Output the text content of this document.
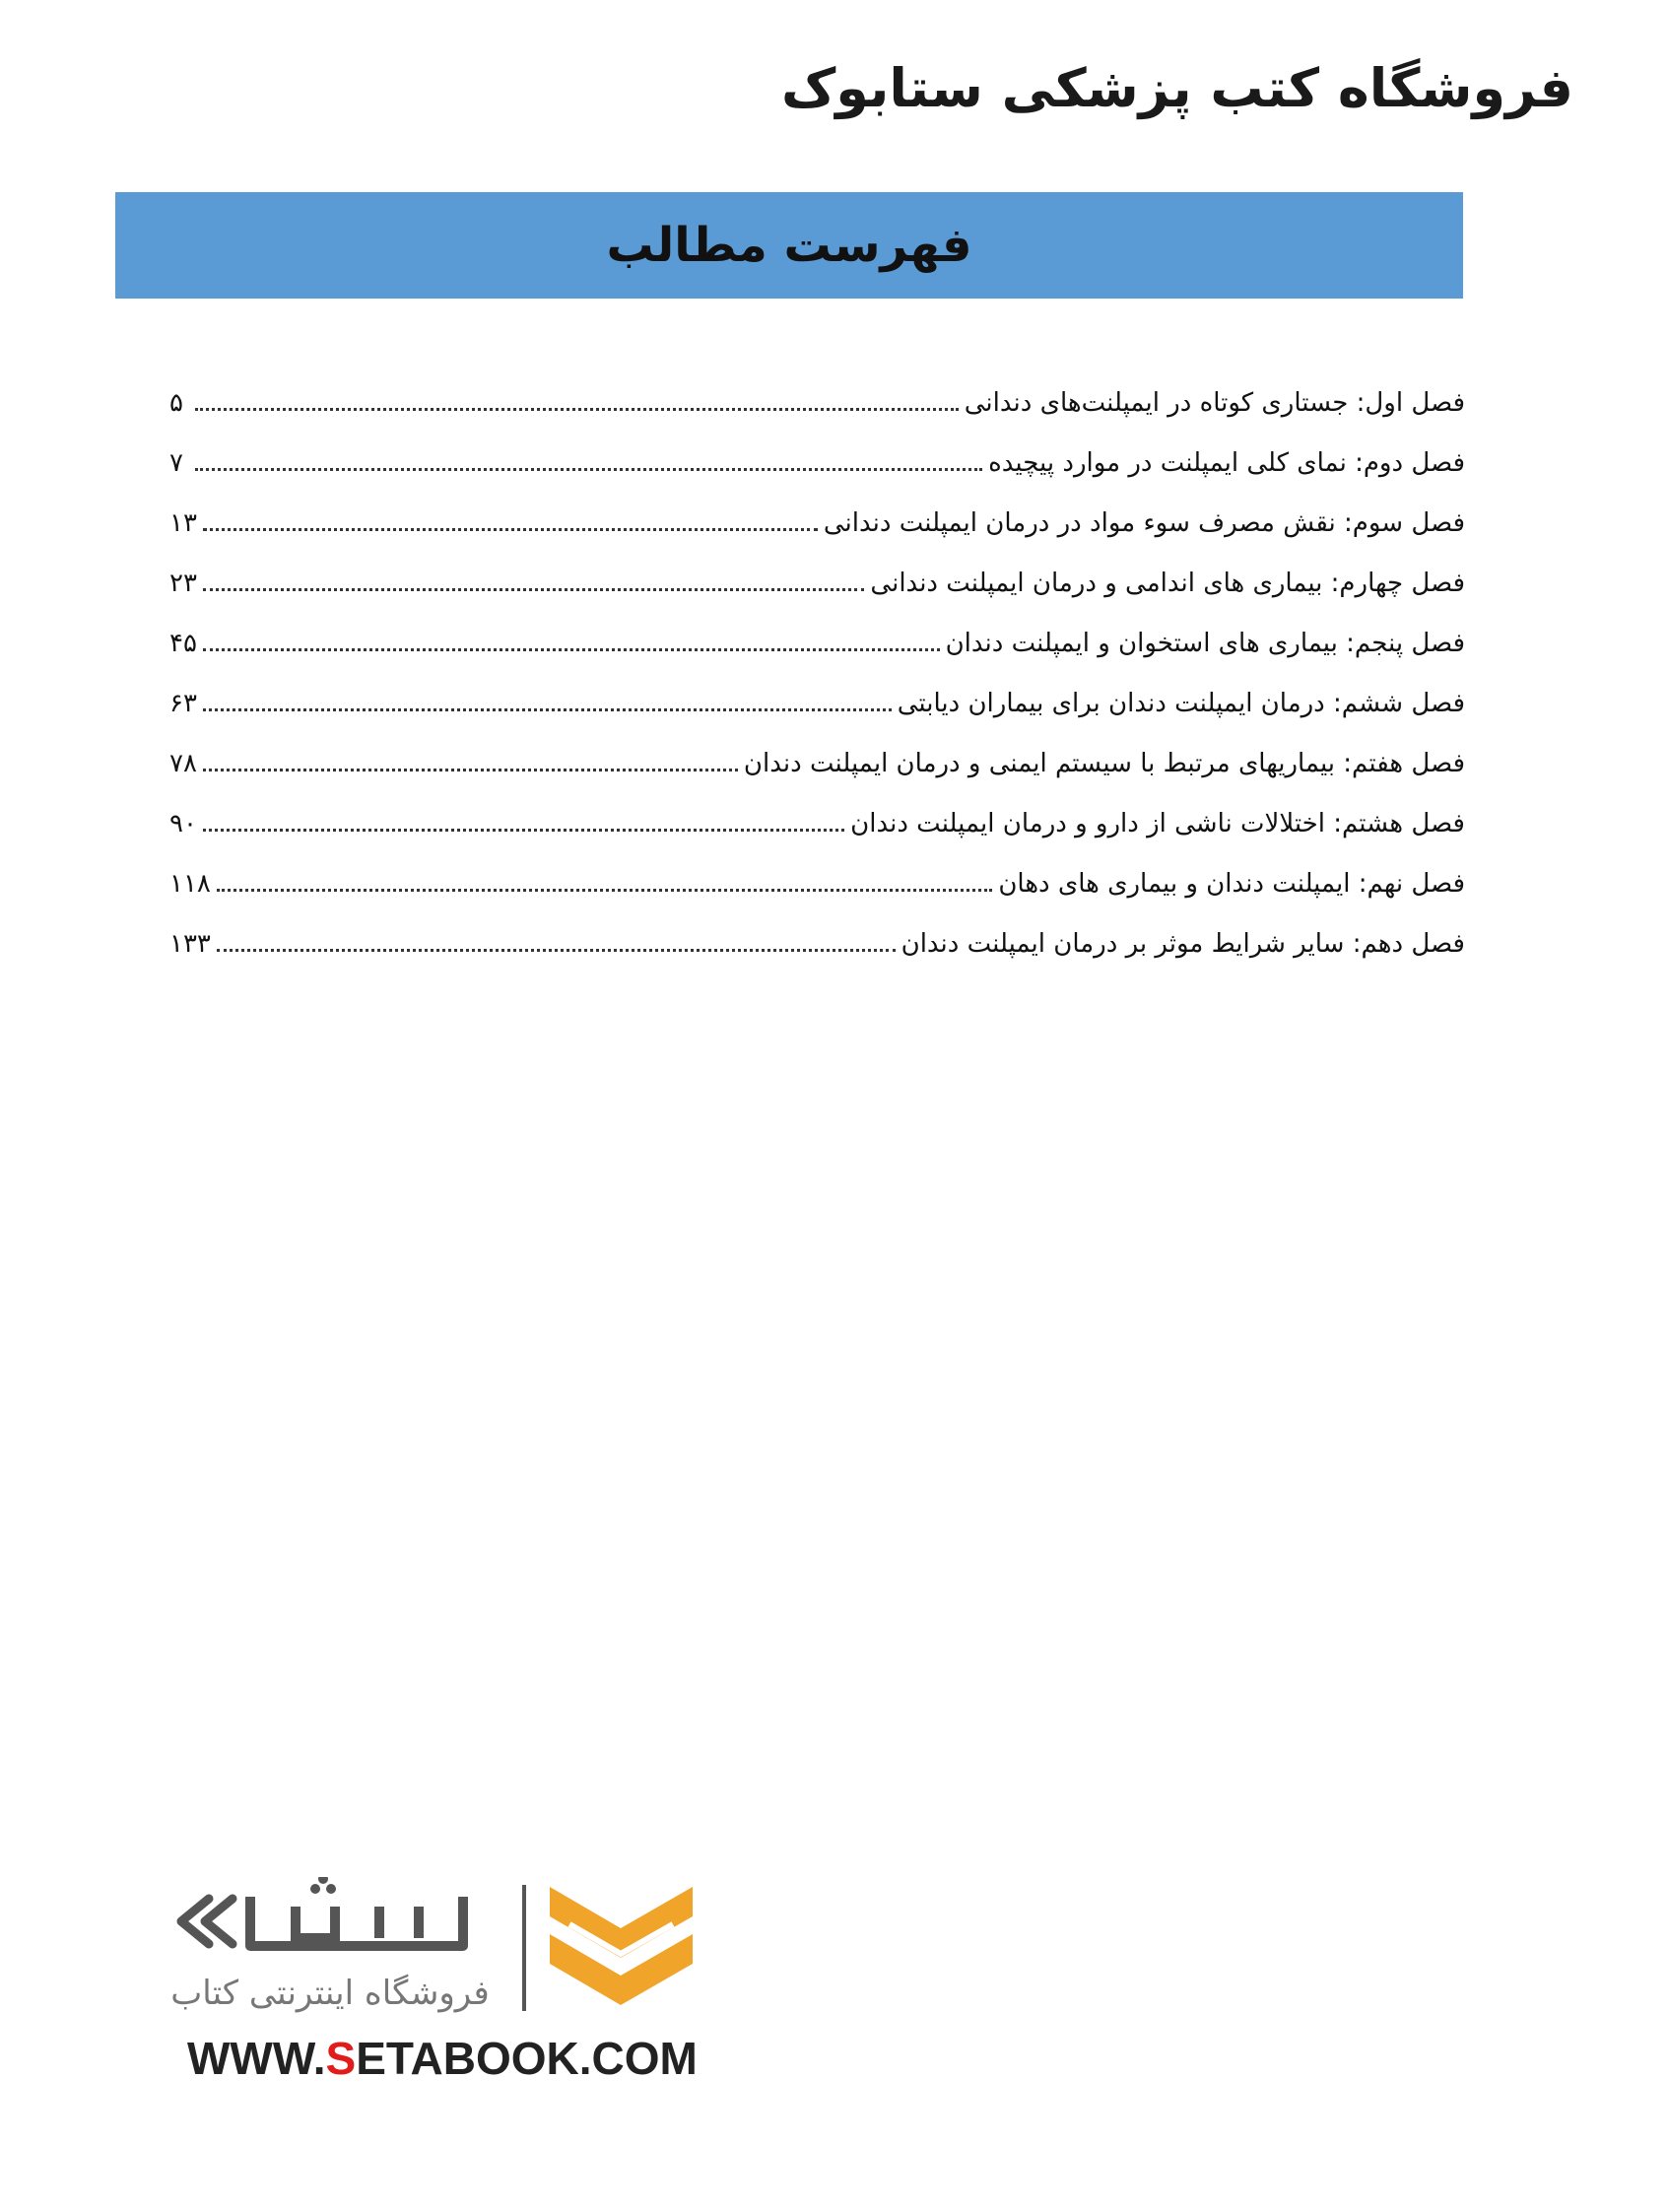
فروشگاه کتب پزشکی ستابوک
فهرست مطالب
فصل اول: جستاری کوتاه در ایمپلنت‌های دندانی
۵
فصل دوم: نمای کلی ایمپلنت در موارد پیچیده
۷
فصل سوم: نقش مصرف سوء مواد در درمان ایمپلنت دندانی
۱۳
فصل چهارم: بیماری های اندامی و درمان ایمپلنت دندانی
۲۳
فصل پنجم: بیماری های استخوان و ایمپلنت دندان
۴۵
فصل ششم: درمان ایمپلنت دندان برای بیماران دیابتی
۶۳
فصل هفتم: بیماریهای مرتبط با سیستم ایمنی و درمان ایمپلنت دندان
۷۸
فصل هشتم: اختلالات ناشی از دارو و درمان ایمپلنت دندان
۹۰
فصل نهم: ایمپلنت دندان و بیماری های دهان
۱۱۸
فصل دهم: سایر شرایط موثر بر درمان ایمپلنت دندان
۱۳۳
فروشگاه اینترنتی کتاب
WWW.SETABOOK.COM
